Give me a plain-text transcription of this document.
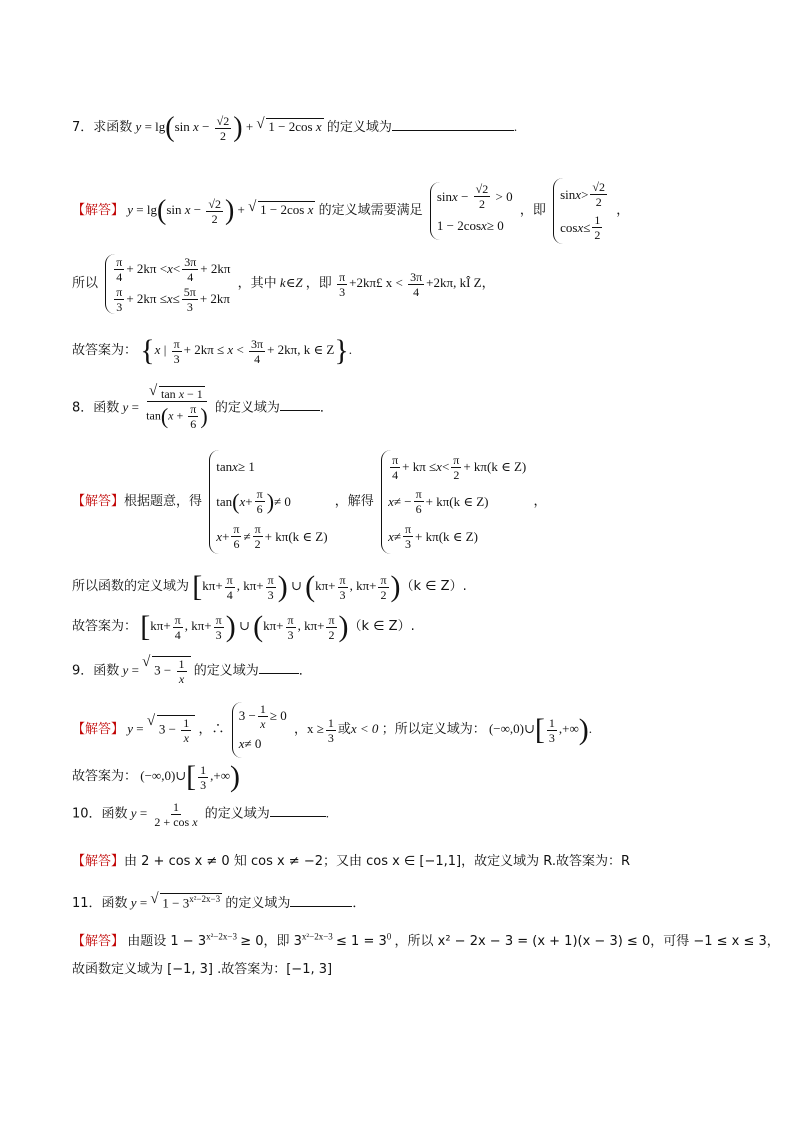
7．求函数 y = lg(sin $x - \frac{√2}{2}$ ) + √ 1 − 2cos x 的定义域为	.
【解答】 y = lg(sin $x - \frac{√2}{2}$ ) + √ 1 − 2cos x 的定义域需要满足
$\sin x - \frac{√2}{2} > 0$
1 − 2cos x ≥ 0
，即
$\sin x > \frac{√2}{2}$
$\cos x \le \frac{1}{2}$
，
所以 $\frac{\pi}{4} + 2k\pi < x < \frac{3\pi}{4} + 2k\pi$
$\frac{\pi}{3} + 2k\pi \le x \le \frac{5\pi}{3} + 2k\pi$
，其中 k∈Z ，即 $\frac{\pi}{3}$ +2kπ£ $x < \frac{3\pi}{4} +2k\pi$, kÎ Z，
故答案为： {x | $\frac{\pi}{3} + 2k\pi \le x < \frac{3\pi}{4} + 2k\pi$, k ∈ Z}.
8．函数 y =
√ $\frac{\text{tan x − 1}}{\tan(x + \frac{\pi}{6} )}$ 的定义域为	．
【解答】根据题意，得
tan x ≥ 1
tan ( $x + \frac{\pi}{6}$ ) ≠ 0
$x + \frac{\pi}{6} \ne \frac{\pi}{2} + k\pi(k$ ∈ Z)
，解得
$\frac{\pi}{4} + k\pi \le x < \frac{\pi}{2} + k\pi(k$ ∈ Z)
x ≠ − $\frac{\pi}{6} + k\pi(k$ ∈ Z)
$x \ne \frac{\pi}{3} + k\pi(k$ ∈ Z)
，
所以函数的定义域为 [$k\pi+ \frac{\pi}{4}$ , $k\pi+ \frac{\pi}{3}$ ) ∪ ($k\pi+ \frac{\pi}{3}$ , $k\pi+ \frac{\pi}{2} )(k$ ∈ Z）.
故答案为： [$k\pi+ \frac{\pi}{4}$ , $k\pi+ \frac{\pi}{3}$ ) ∪ ($k\pi+ \frac{\pi}{3}$ , $k\pi+ \frac{\pi}{2} )(k$ ∈ Z）.
9．函数 y = √ $3 - \frac{1}{x}$ 的定义域为	．
【解答】 y = √ $3 - \frac{1}{x}$ ，∴
$3 - \frac{1}{x} \ge 0$
x ≠ 0
，$x \ge \frac{1}{3}$ 或x < 0 ；所以定义域为： (−∞,0)∪[ $\frac{1}{3}$ ,+∞).
故答案为： (−∞,0)∪[ $\frac{1}{3}$ ,+∞)
10．函数 $y = \frac{1}{\text{2 + cos x}}$ 的定义域为	.
【解答】由 2 + cos x ≠ 0 知 cos x ≠ −2；又由 cos x ∈ [−1,1]，故定义域为 R.故答案为：R
11．函数 y = √ $1 - 3^{x^2-2x-3}$ 的定义域为	．
【解答】 由题设 $1 - 3^{x^2-2x-3} \ge 0$，即 $3^{x^2-2x-3} \le 1 = 3^0$ ，所以 x² − 2x − 3 = (x + 1)(x − 3) ≤ 0，可得 −1 ≤ x ≤ 3，
故函数定义域为 [−1, 3] .故答案为：[−1, 3]
